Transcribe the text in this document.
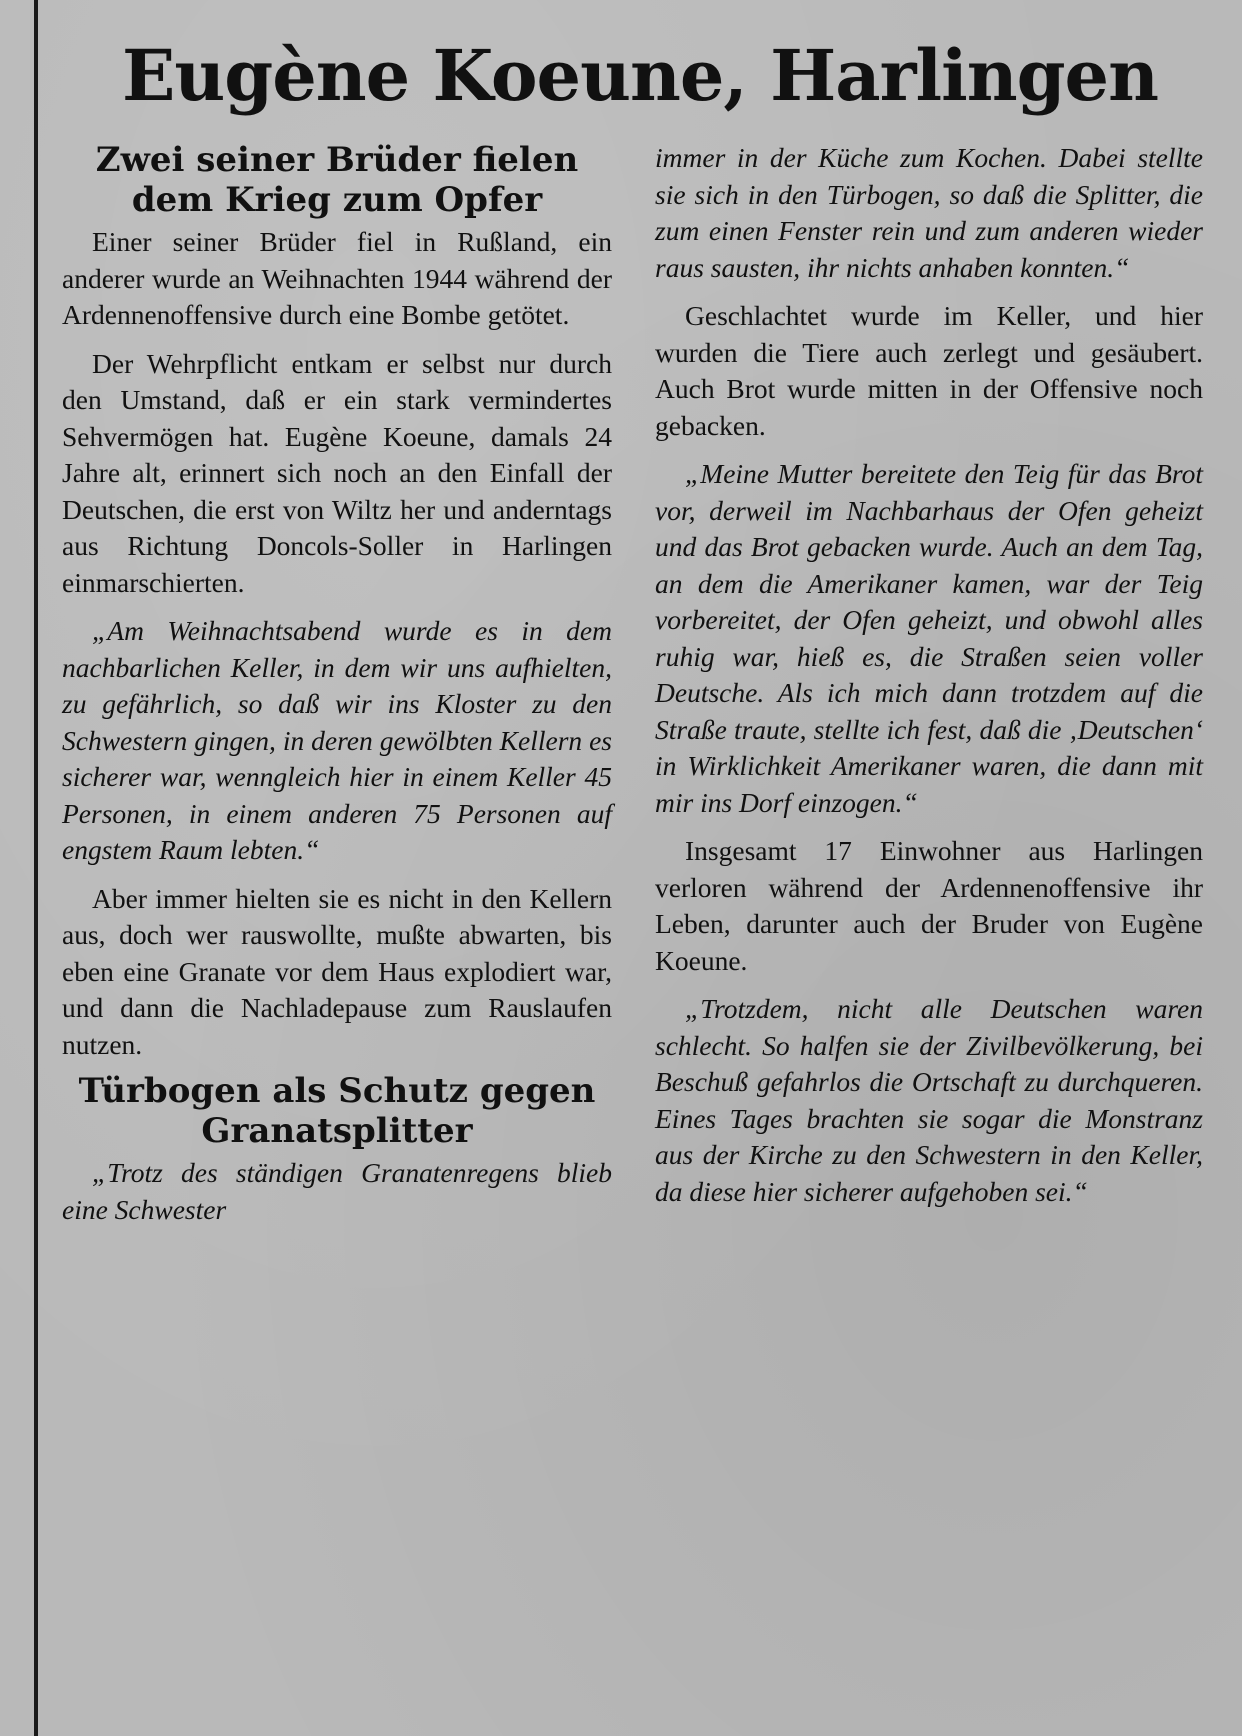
Eugène Koeune, Harlingen
Zwei seiner Brüder fielen dem Krieg zum Opfer

Einer seiner Brüder fiel in Rußland, ein anderer wurde an Weihnachten 1944 während der Ardennenoffensive durch eine Bombe getötet.

Der Wehrpflicht entkam er selbst nur durch den Umstand, daß er ein stark vermindertes Sehvermögen hat. Eugène Koeune, damals 24 Jahre alt, erinnert sich noch an den Einfall der Deutschen, die erst von Wiltz her und anderntags aus Richtung Doncols-Soller in Harlingen einmarschierten.

„Am Weihnachtsabend wurde es in dem nachbarlichen Keller, in dem wir uns aufhielten, zu gefährlich, so daß wir ins Kloster zu den Schwestern gingen, in deren gewölbten Kellern es sicherer war, wenngleich hier in einem Keller 45 Personen, in einem anderen 75 Personen auf engstem Raum lebten.“

Aber immer hielten sie es nicht in den Kellern aus, doch wer rauswollte, mußte abwarten, bis eben eine Granate vor dem Haus explodiert war, und dann die Nachladepause zum Rauslaufen nutzen.

Türbogen als Schutz gegen Granatsplitter

„Trotz des ständigen Granatenregens blieb eine Schwester

immer in der Küche zum Kochen. Dabei stellte sie sich in den Türbogen, so daß die Splitter, die zum einen Fenster rein und zum anderen wieder raus sausten, ihr nichts anhaben konnten.“

Geschlachtet wurde im Keller, und hier wurden die Tiere auch zerlegt und gesäubert. Auch Brot wurde mitten in der Offensive noch gebacken.

„Meine Mutter bereitete den Teig für das Brot vor, derweil im Nachbarhaus der Ofen geheizt und das Brot gebacken wurde. Auch an dem Tag, an dem die Amerikaner kamen, war der Teig vorbereitet, der Ofen geheizt, und obwohl alles ruhig war, hieß es, die Straßen seien voller Deutsche. Als ich mich dann trotzdem auf die Straße traute, stellte ich fest, daß die ‚Deutschen‘ in Wirklichkeit Amerikaner waren, die dann mit mir ins Dorf einzogen.“

Insgesamt 17 Einwohner aus Harlingen verloren während der Ardennenoffensive ihr Leben, darunter auch der Bruder von Eugène Koeune.

„Trotzdem, nicht alle Deutschen waren schlecht. So halfen sie der Zivilbevölkerung, bei Beschuß gefahrlos die Ortschaft zu durchqueren. Eines Tages brachten sie sogar die Monstranz aus der Kirche zu den Schwestern in den Keller, da diese hier sicherer aufgehoben sei.“
